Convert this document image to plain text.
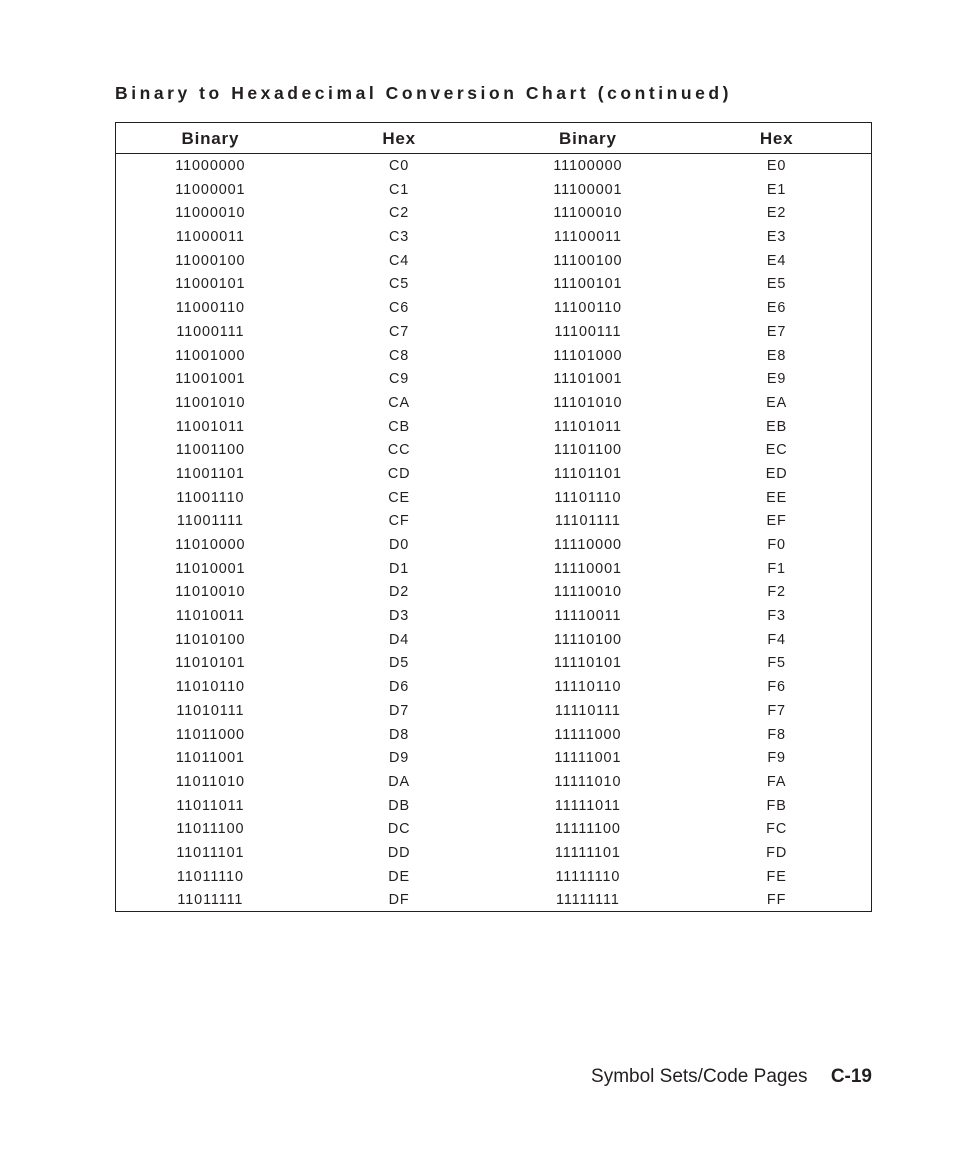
Binary to Hexadecimal Conversion Chart (continued)
Binary	Hex	Binary	Hex
11000000	C0	11100000	E0
11000001	C1	11100001	E1
11000010	C2	11100010	E2
11000011	C3	11100011	E3
11000100	C4	11100100	E4
11000101	C5	11100101	E5
11000110	C6	11100110	E6
11000111	C7	11100111	E7
11001000	C8	11101000	E8
11001001	C9	11101001	E9
11001010	CA	11101010	EA
11001011	CB	11101011	EB
11001100	CC	11101100	EC
11001101	CD	11101101	ED
11001110	CE	11101110	EE
11001111	CF	11101111	EF
11010000	D0	11110000	F0
11010001	D1	11110001	F1
11010010	D2	11110010	F2
11010011	D3	11110011	F3
11010100	D4	11110100	F4
11010101	D5	11110101	F5
11010110	D6	11110110	F6
11010111	D7	11110111	F7
11011000	D8	11111000	F8
11011001	D9	11111001	F9
11011010	DA	11111010	FA
11011011	DB	11111011	FB
11011100	DC	11111100	FC
11011101	DD	11111101	FD
11011110	DE	11111110	FE
11011111	DF	11111111	FF
Symbol Sets/Code Pages C-19
